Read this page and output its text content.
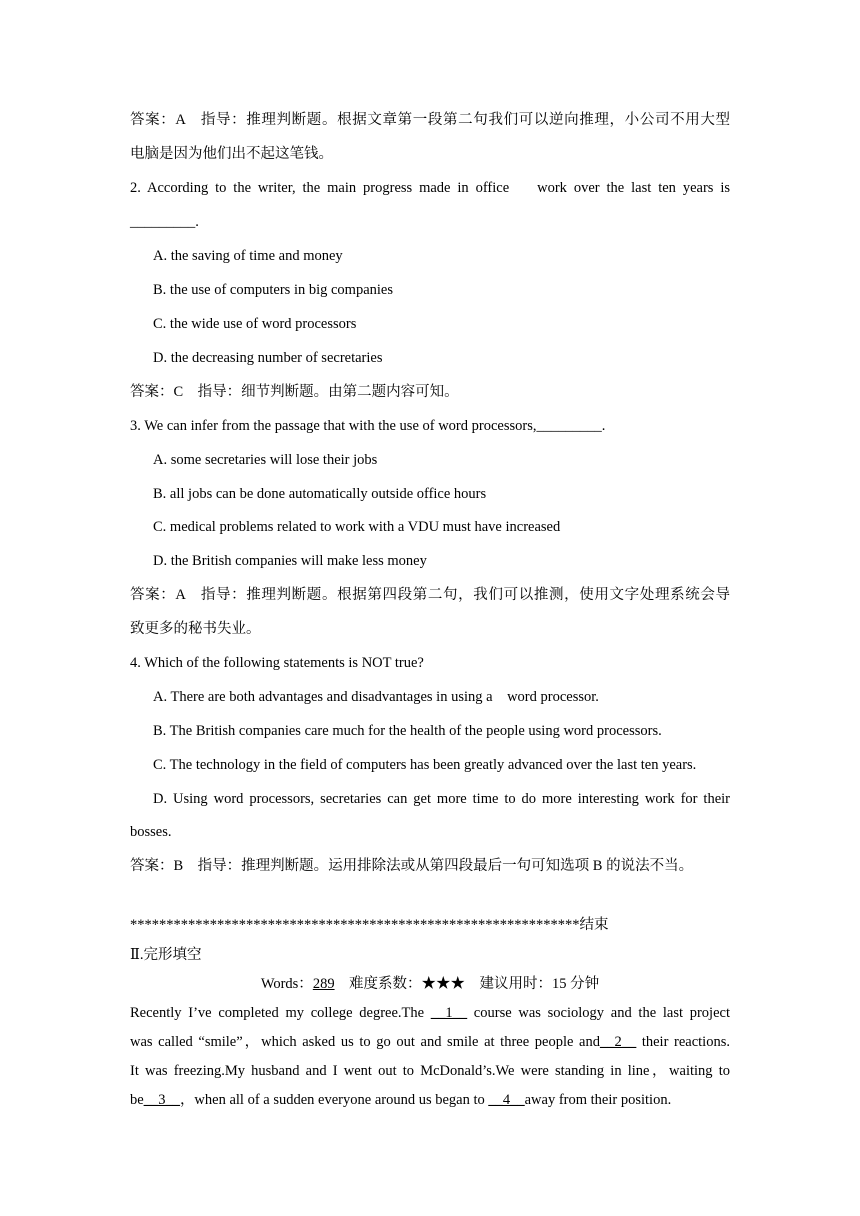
答案：A　指导：推理判断题。根据文章第一段第二句我们可以逆向推理，小公司不用大型
电脑是因为他们出不起这笔钱。
2. According to the writer, the main progress made in office　 work over the last ten years is
_________.
A. the saving of time and money
B. the use of computers in big companies
C. the wide use of word processors
D. the decreasing number of secretaries
答案：C　指导：细节判断题。由第二题内容可知。
3. We can infer from the passage that with the use of word processors,_________.
A. some secretaries will lose their jobs
B. all jobs can be done automatically outside office hours
C. medical problems related to work with a VDU must have increased
D. the British companies will make less money
答案：A　指导：推理判断题。根据第四段第二句，我们可以推测，使用文字处理系统会导
致更多的秘书失业。
4. Which of the following statements is NOT true?
A. There are both advantages and disadvantages in using a　word processor.
B. The British companies care much for the health of the people using word processors.
C. The technology in the field of computers has been greatly advanced over the last ten years.
D. Using word processors, secretaries can get more time to do more interesting work for their
bosses.
答案：B　指导：推理判断题。运用排除法或从第四段最后一句可知选项 B 的说法不当。
**************************************************************结束
Ⅱ.完形填空
Words：289　难度系数：★★★　建议用时：15 分钟
Recently I’ve completed my college degree.The __1__ course was sociology and the last project
was called “smile”，which asked us to go out and smile at three people and__2__ their reactions.
It was freezing.My husband and I went out to McDonald’s.We were standing in line，waiting to
be__3__，when all of a sudden everyone around us began to __4__away from their position.
